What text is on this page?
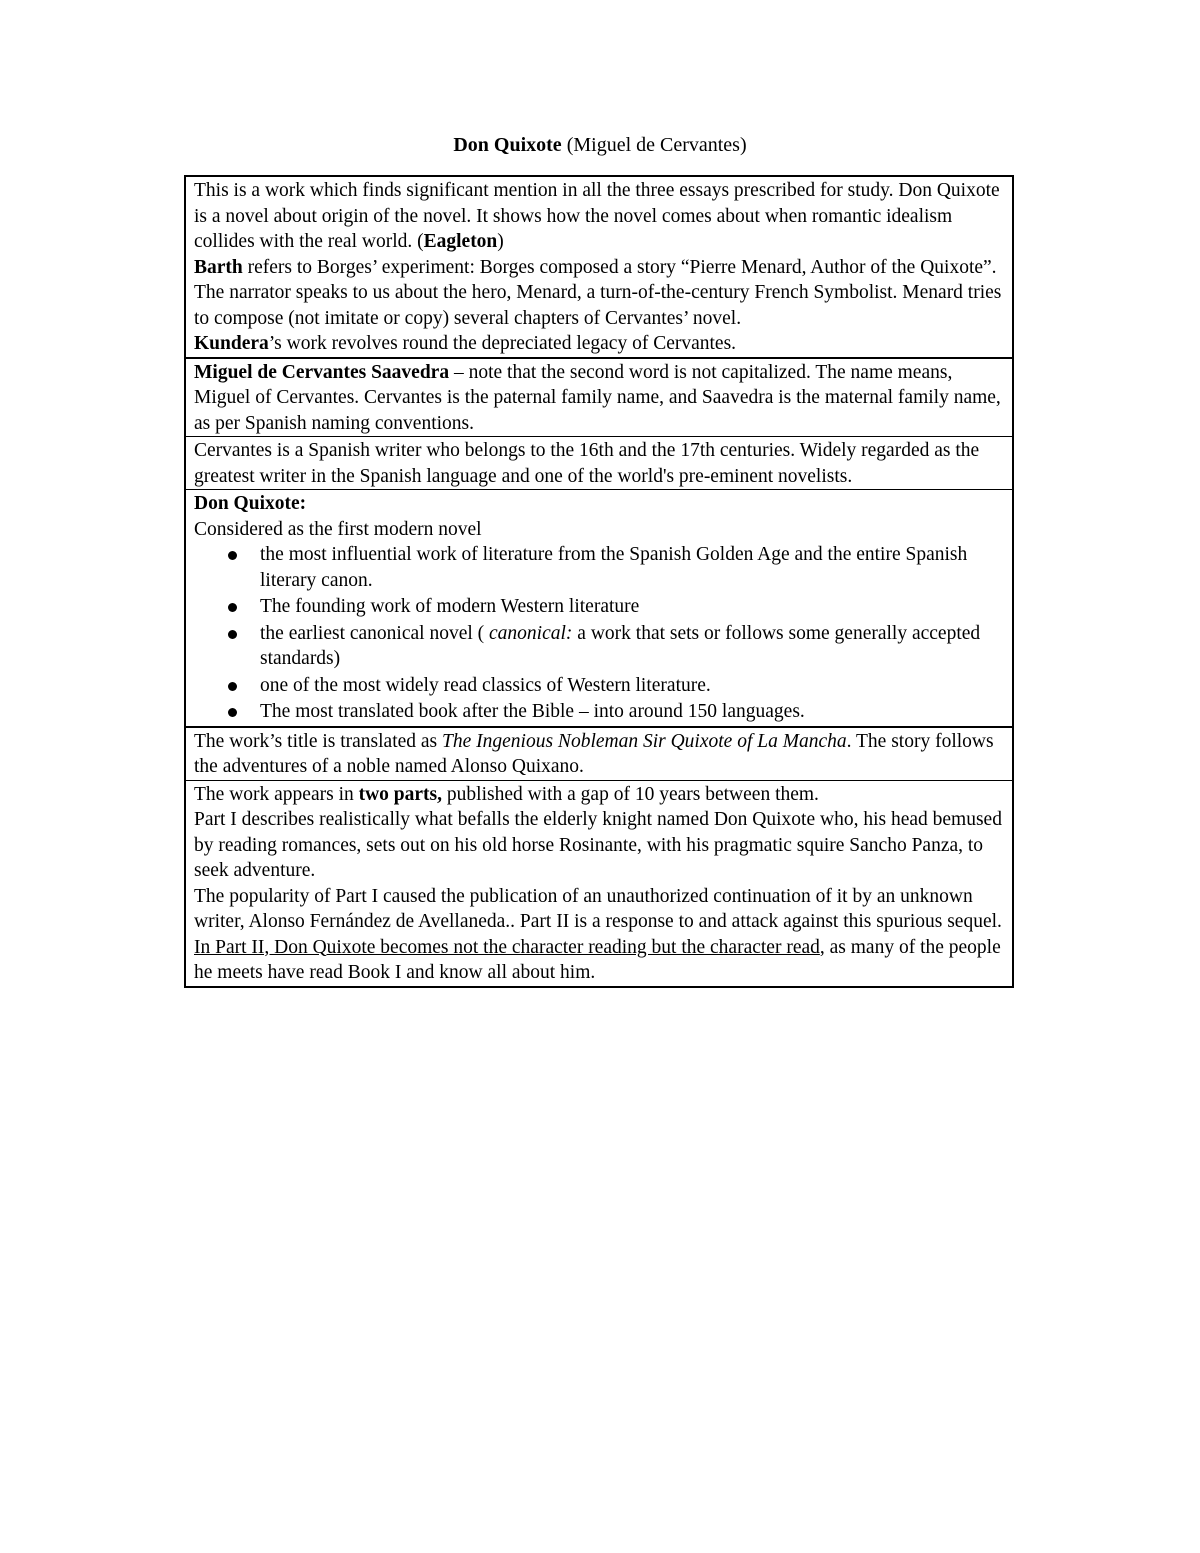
Don Quixote (Miguel de Cervantes)

This is a work which finds significant mention in all the three essays prescribed for study. Don Quixote is a novel about origin of the novel. It shows how the novel comes about when romantic idealism collides with the real world. (Eagleton)

Barth refers to Borges’ experiment: Borges composed a story “Pierre Menard, Author of the Quixote”. The narrator speaks to us about the hero, Menard, a turn-of-the-century French Symbolist. Menard tries to compose (not imitate or copy) several chapters of Cervantes’ novel.

Kundera’s work revolves round the depreciated legacy of Cervantes.

Miguel de Cervantes Saavedra – note that the second word is not capitalized. The name means, Miguel of Cervantes. Cervantes is the paternal family name, and Saavedra is the maternal family name, as per Spanish naming conventions.

Cervantes is a Spanish writer who belongs to the 16th and the 17th centuries. Widely regarded as the greatest writer in the Spanish language and one of the world's pre-eminent novelists.

Don Quixote:

Considered as the first modern novel

the most influential work of literature from the Spanish Golden Age and the entire Spanish literary canon.
The founding work of modern Western literature
the earliest canonical novel ( canonical: a work that sets or follows some generally accepted standards)
one of the most widely read classics of Western literature.
The most translated book after the Bible – into around 150 languages.

The work’s title is translated as The Ingenious Nobleman Sir Quixote of La Mancha. The story follows the adventures of a noble named Alonso Quixano.

The work appears in two parts, published with a gap of 10 years between them.

Part I describes realistically what befalls the elderly knight named Don Quixote who, his head bemused by reading romances, sets out on his old horse Rosinante, with his pragmatic squire Sancho Panza, to seek adventure.

The popularity of Part I caused the publication of an unauthorized continuation of it by an unknown writer, Alonso Fernández de Avellaneda.. Part II is a response to and attack against this spurious sequel. In Part II, Don Quixote becomes not the character reading but the character read, as many of the people he meets have read Book I and know all about him.
